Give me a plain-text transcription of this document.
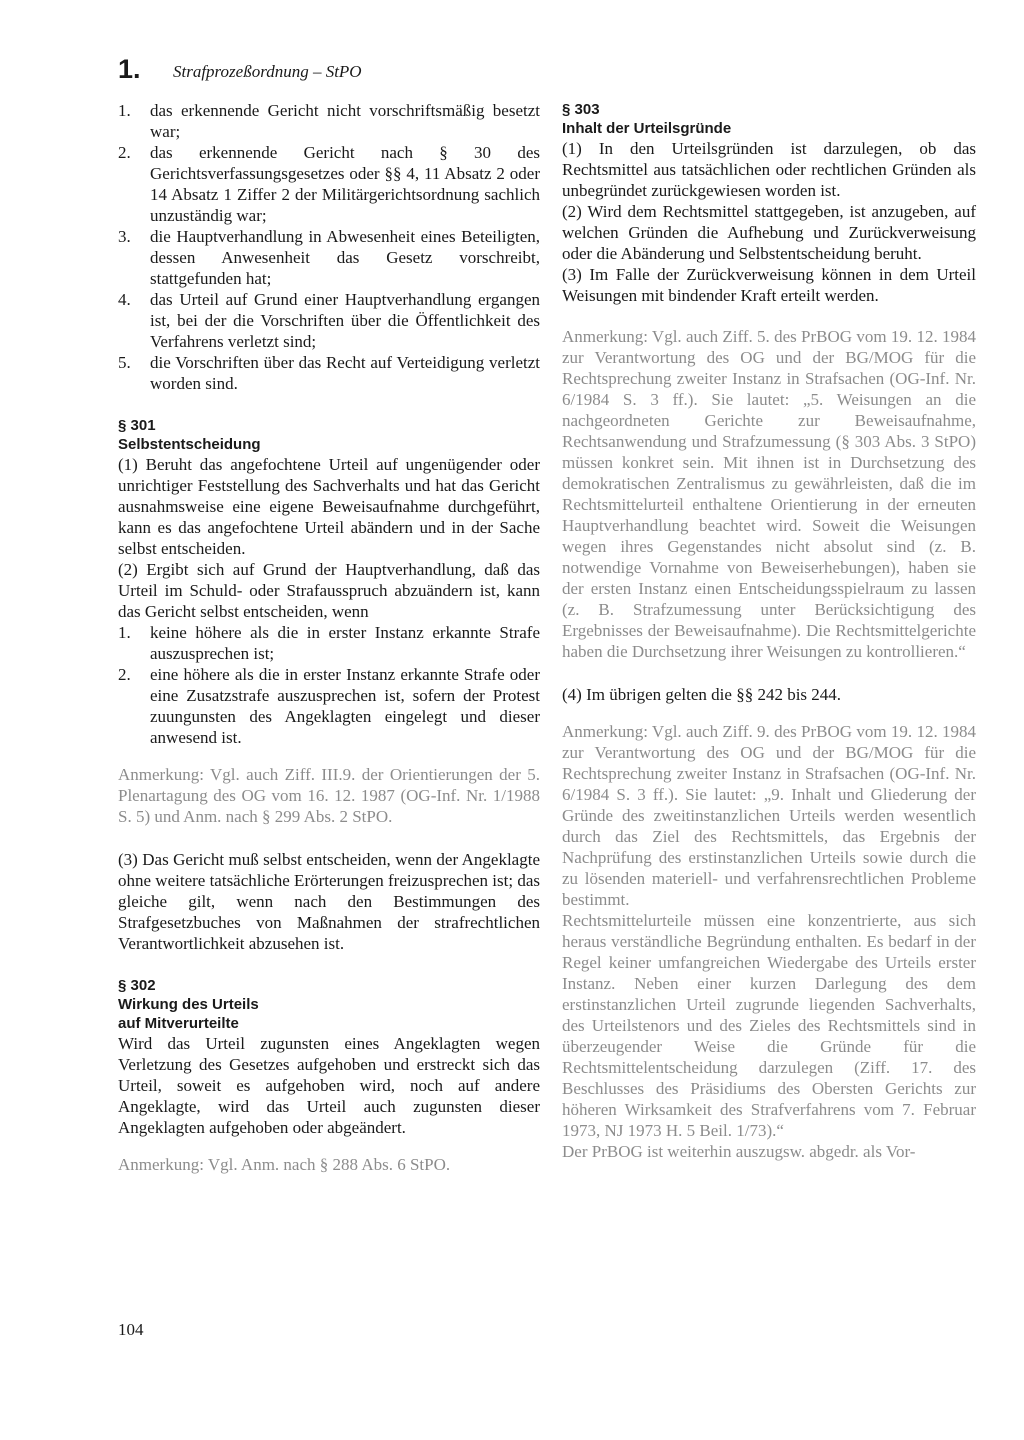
1. Strafprozeßordnung – StPO
1. das erkennende Gericht nicht vorschriftsmäßig besetzt war;
2. das erkennende Gericht nach § 30 des Gerichtsverfassungsgesetzes oder §§ 4, 11 Absatz 2 oder 14 Absatz 1 Ziffer 2 der Militärgerichtsordnung sachlich unzuständig war;
3. die Hauptverhandlung in Abwesenheit eines Beteiligten, dessen Anwesenheit das Gesetz vorschreibt, stattgefunden hat;
4. das Urteil auf Grund einer Hauptverhandlung ergangen ist, bei der die Vorschriften über die Öffentlichkeit des Verfahrens verletzt sind;
5. die Vorschriften über das Recht auf Verteidigung verletzt worden sind.
§ 301
Selbstentscheidung

(1) Beruht das angefochtene Urteil auf ungenügender oder unrichtiger Feststellung des Sachverhalts und hat das Gericht ausnahmsweise eine eigene Beweisaufnahme durchgeführt, kann es das angefochtene Urteil abändern und in der Sache selbst entscheiden.

(2) Ergibt sich auf Grund der Hauptverhandlung, daß das Urteil im Schuld- oder Strafausspruch abzuändern ist, kann das Gericht selbst entscheiden, wenn

1. keine höhere als die in erster Instanz erkannte Strafe auszusprechen ist;
2. eine höhere als die in erster Instanz erkannte Strafe oder eine Zusatzstrafe auszusprechen ist, sofern der Protest zuungunsten des Angeklagten eingelegt und dieser anwesend ist.

Anmerkung: Vgl. auch Ziff. III.9. der Orientierungen der 5. Plenartagung des OG vom 16. 12. 1987 (OG-Inf. Nr. 1/1988 S. 5) und Anm. nach § 299 Abs. 2 StPO.

(3) Das Gericht muß selbst entscheiden, wenn der Angeklagte ohne weitere tatsächliche Erörterungen freizusprechen ist; das gleiche gilt, wenn nach den Bestimmungen des Strafgesetzbuches von Maßnahmen der strafrechtlichen Verantwortlichkeit abzusehen ist.

§ 302
Wirkung des Urteils
auf Mitverurteilte

Wird das Urteil zugunsten eines Angeklagten wegen Verletzung des Gesetzes aufgehoben und erstreckt sich das Urteil, soweit es aufgehoben wird, noch auf andere Angeklagte, wird das Urteil auch zugunsten dieser Angeklagten aufgehoben oder abgeändert.

Anmerkung: Vgl. Anm. nach § 288 Abs. 6 StPO.

§ 303
Inhalt der Urteilsgründe

(1) In den Urteilsgründen ist darzulegen, ob das Rechtsmittel aus tatsächlichen oder rechtlichen Gründen als unbegründet zurückgewiesen worden ist.

(2) Wird dem Rechtsmittel stattgegeben, ist anzugeben, auf welchen Gründen die Aufhebung und Zurückverweisung oder die Abänderung und Selbstentscheidung beruht.

(3) Im Falle der Zurückverweisung können in dem Urteil Weisungen mit bindender Kraft erteilt werden.

Anmerkung: Vgl. auch Ziff. 5. des PrBOG vom 19. 12. 1984 zur Verantwortung des OG und der BG/MOG für die Rechtsprechung zweiter Instanz in Strafsachen (OG-Inf. Nr. 6/1984 S. 3 ff.). Sie lautet: „5. Weisungen an die nachgeordneten Gerichte zur Beweisaufnahme, Rechtsanwendung und Strafzumessung (§ 303 Abs. 3 StPO) müssen konkret sein. Mit ihnen ist in Durchsetzung des demokratischen Zentralismus zu gewährleisten, daß die im Rechtsmittelurteil enthaltene Orientierung in der erneuten Hauptverhandlung beachtet wird. Soweit die Weisungen wegen ihres Gegenstandes nicht absolut sind (z. B. notwendige Vornahme von Beweiserhebungen), haben sie der ersten Instanz einen Entscheidungsspielraum zu lassen (z. B. Strafzumessung unter Berücksichtigung des Ergebnisses der Beweisaufnahme). Die Rechtsmittelgerichte haben die Durchsetzung ihrer Weisungen zu kontrollieren.“

(4) Im übrigen gelten die §§ 242 bis 244.

Anmerkung: Vgl. auch Ziff. 9. des PrBOG vom 19. 12. 1984 zur Verantwortung des OG und der BG/MOG für die Rechtsprechung zweiter Instanz in Strafsachen (OG-Inf. Nr. 6/1984 S. 3 ff.). Sie lautet: „9. Inhalt und Gliederung der Gründe des zweitinstanzlichen Urteils werden wesentlich durch das Ziel des Rechtsmittels, das Ergebnis der Nachprüfung des erstinstanzlichen Urteils sowie durch die zu lösenden materiell- und verfahrensrechtlichen Probleme bestimmt.

Rechtsmittelurteile müssen eine konzentrierte, aus sich heraus verständliche Begründung enthalten. Es bedarf in der Regel keiner umfangreichen Wiedergabe des Urteils erster Instanz. Neben einer kurzen Darlegung des dem erstinstanzlichen Urteil zugrunde liegenden Sachverhalts, des Urteilstenors und des Zieles des Rechtsmittels sind in überzeugender Weise die Gründe für die Rechtsmittelentscheidung darzulegen (Ziff. 17. des Beschlusses des Präsidiums des Obersten Gerichts zur höheren Wirksamkeit des Strafverfahrens vom 7. Februar 1973, NJ 1973 H. 5 Beil. 1/73).“

Der PrBOG ist weiterhin auszugsw. abgedr. als Vor-

104
